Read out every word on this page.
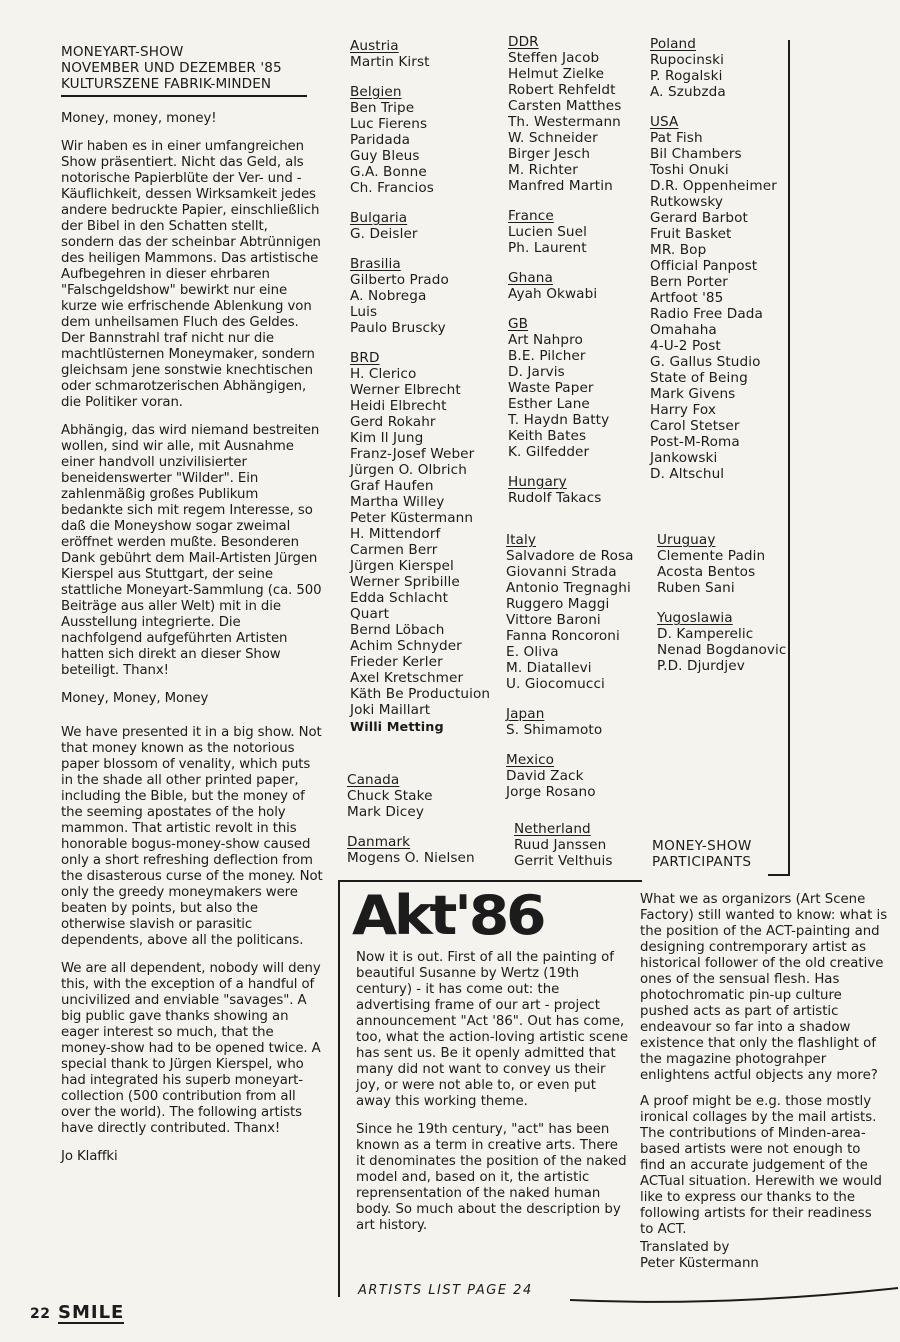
MONEYART-SHOW
NOVEMBER UND DEZEMBER '85
KULTURSZENE FABRIK-MINDEN

Money, money, money!

Wir haben es in einer umfangreichen Show präsentiert. Nicht das Geld, als notorische Papierblüte der Ver- und -Käuflichkeit, dessen Wirksamkeit jedes andere bedruckte Papier, einschließlich der Bibel in den Schatten stellt, sondern das der scheinbar Abtrünnigen des heiligen Mammons. Das artistische Aufbegehren in dieser ehrbaren "Falschgeldshow" bewirkt nur eine kurze wie erfrischende Ablenkung von dem unheilsamen Fluch des Geldes. Der Bannstrahl traf nicht nur die machtlüsternen Moneymaker, sondern gleichsam jene sonstwie knechtischen oder schmarotzerischen Abhängigen, die Politiker voran.

Abhängig, das wird niemand bestreiten wollen, sind wir alle, mit Ausnahme einer handvoll unzivilisierter beneidenswerter "Wilder". Ein zahlenmäßig großes Publikum bedankte sich mit regem Interesse, so daß die Moneyshow sogar zweimal eröffnet werden mußte. Besonderen Dank gebührt dem Mail-Artisten Jürgen Kierspel aus Stuttgart, der seine stattliche Moneyart-Sammlung (ca. 500 Beiträge aus aller Welt) mit in die Ausstellung integrierte. Die nachfolgend aufgeführten Artisten hatten sich direkt an dieser Show beteiligt. Thanx!

Money, Money, Money

We have presented it in a big show. Not that money known as the notorious paper blossom of venality, which puts in the shade all other printed paper, including the Bible, but the money of the seeming apostates of the holy mammon. That artistic revolt in this honorable bogus-money-show caused only a short refreshing deflection from the disasterous curse of the money. Not only the greedy moneymakers were beaten by points, but also the otherwise slavish or parasitic dependents, above all the politicans.

We are all dependent, nobody will deny this, with the exception of a handful of uncivilized and enviable "savages". A big public gave thanks showing an eager interest so much, that the money-show had to be opened twice. A special thank to Jürgen Kierspel, who had integrated his superb moneyart-collection (500 contribution from all over the world). The following artists have directly contributed. Thanx!

Jo Klaffki

Austria
Martin Kirst
Belgien
Ben Tripe
Luc Fierens
Paridada
Guy Bleus
G.A. Bonne
Ch. Francios
Bulgaria
G. Deisler
Brasilia
Gilberto Prado
A. Nobrega
Luis
Paulo Bruscky
BRD
H. Clerico
Werner Elbrecht
Heidi Elbrecht
Gerd Rokahr
Kim Il Jung
Franz-Josef Weber
Jürgen O. Olbrich
Graf Haufen
Martha Willey
Peter Küstermann
H. Mittendorf
Carmen Berr
Jürgen Kierspel
Werner Spribille
Edda Schlacht
Quart
Bernd Löbach
Achim Schnyder
Frieder Kerler
Axel Kretschmer
Käth Be Productuion
Joki Maillart
Willi Metting
Canada
Chuck Stake
Mark Dicey
Danmark
Mogens O. Nielsen
DDR
Steffen Jacob
Helmut Zielke
Robert Rehfeldt
Carsten Matthes
Th. Westermann
W. Schneider
Birger Jesch
M. Richter
Manfred Martin
France
Lucien Suel
Ph. Laurent
Ghana
Ayah Okwabi
GB
Art Nahpro
B.E. Pilcher
D. Jarvis
Waste Paper
Esther Lane
T. Haydn Batty
Keith Bates
K. Gilfedder
Hungary
Rudolf Takacs
Italy
Salvadore de Rosa
Giovanni Strada
Antonio Tregnaghi
Ruggero Maggi
Vittore Baroni
Fanna Roncoroni
E. Oliva
M. Diatallevi
U. Giocomucci
Japan
S. Shimamoto
Mexico
David Zack
Jorge Rosano
Netherland
Ruud Janssen
Gerrit Velthuis
Poland
Rupocinski
P. Rogalski
A. Szubzda
USA
Pat Fish
Bil Chambers
Toshi Onuki
D.R. Oppenheimer
Rutkowsky
Gerard Barbot
Fruit Basket
MR. Bop
Official Panpost
Bern Porter
Artfoot '85
Radio Free Dada
Omahaha
4-U-2 Post
G. Gallus Studio
State of Being
Mark Givens
Harry Fox
Carol Stetser
Post-M-Roma
Jankowski
D. Altschul
Uruguay
Clemente Padin
Acosta Bentos
Ruben Sani
Yugoslawia
D. Kamperelic
Nenad Bogdanovic
P.D. Djurdjev
MONEY-SHOW
PARTICIPANTS
Akt'86

Now it is out. First of all the painting of beautiful Susanne by Wertz (19th century) - it has come out: the advertising frame of our art - project announcement "Act '86". Out has come, too, what the action-loving artistic scene has sent us. Be it openly admitted that many did not want to convey us their joy, or were not able to, or even put away this working theme.

Since he 19th century, "act" has been known as a term in creative arts. There it denominates the position of the naked model and, based on it, the artistic reprensentation of the naked human body. So much about the description by art history.

What we as organizors (Art Scene Factory) still wanted to know: what is the position of the ACT-painting and designing contremporary artist as historical follower of the old creative ones of the sensual flesh. Has photochromatic pin-up culture pushed acts as part of artistic endeavour so far into a shadow existence that only the flashlight of the magazine photograhper enlightens actful objects any more?

A proof might be e.g. those mostly ironical collages by the mail artists. The contributions of Minden-area-based artists were not enough to find an accurate judgement of the ACTual situation. Herewith we would like to express our thanks to the following artists for their readiness to ACT.

Translated by
Peter Küstermann
ARTISTS LIST PAGE 24
22 SMILE
